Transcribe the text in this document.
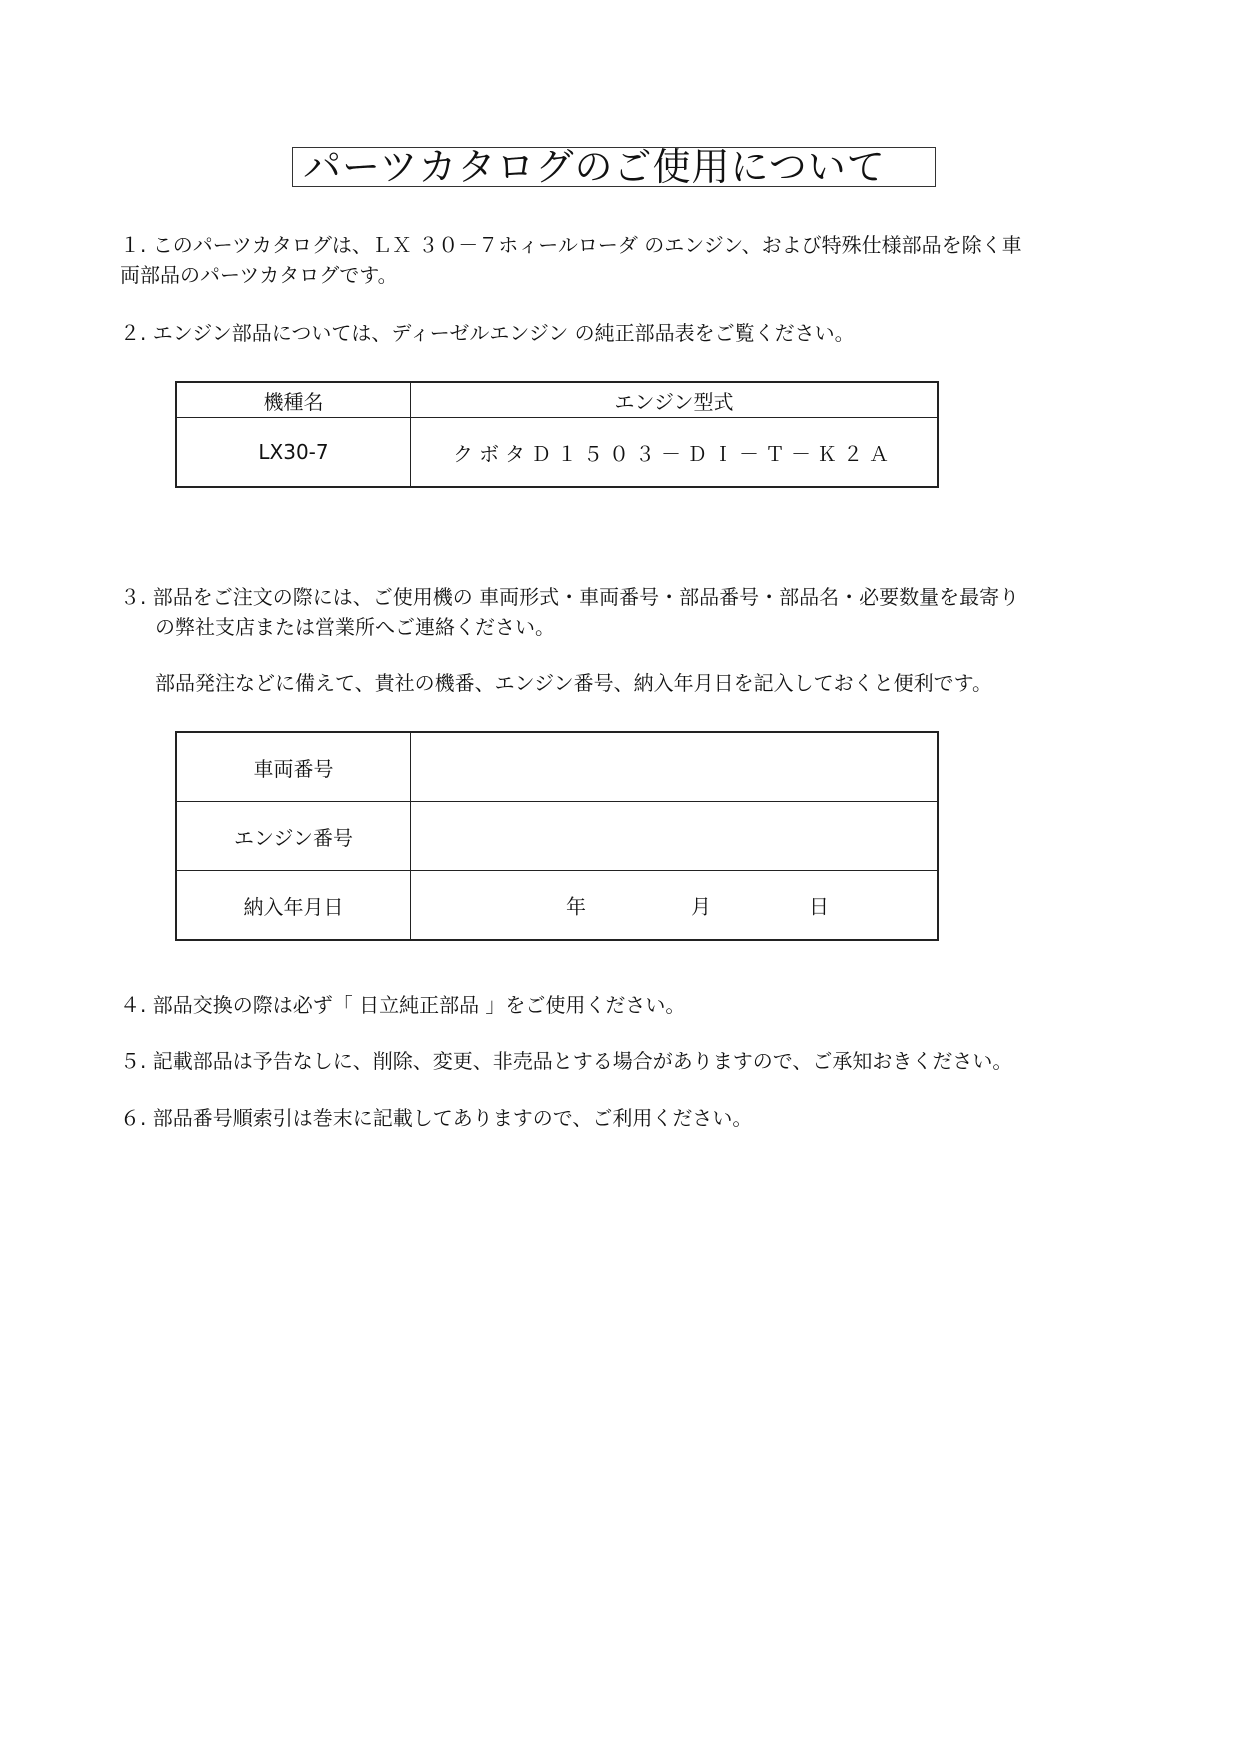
パーツカタログのご使用について
１. このパーツカタログは、ＬＸ ３０－７ホィールローダ のエンジン、および特殊仕様部品を除く車
両部品のパーツカタログです。
２. エンジン部品については、ディーゼルエンジン の純正部品表をご覧ください。
機種名	エンジン型式
LX30-7	クボタＤ１５０３－ＤＩ－Ｔ－Ｋ２Ａ
３. 部品をご注文の際には、ご使用機の 車両形式・車両番号・部品番号・部品名・必要数量を最寄り
の弊社支店または営業所へご連絡ください。
部品発注などに備えて、貴社の機番、エンジン番号、納入年月日を記入しておくと便利です。
車両番号	
エンジン番号	
納入年月日	年 月 日
４. 部品交換の際は必ず「 日立純正部品 」をご使用ください。
５. 記載部品は予告なしに、削除、変更、非売品とする場合がありますので、ご承知おきください。
６. 部品番号順索引は巻末に記載してありますので、ご利用ください。
